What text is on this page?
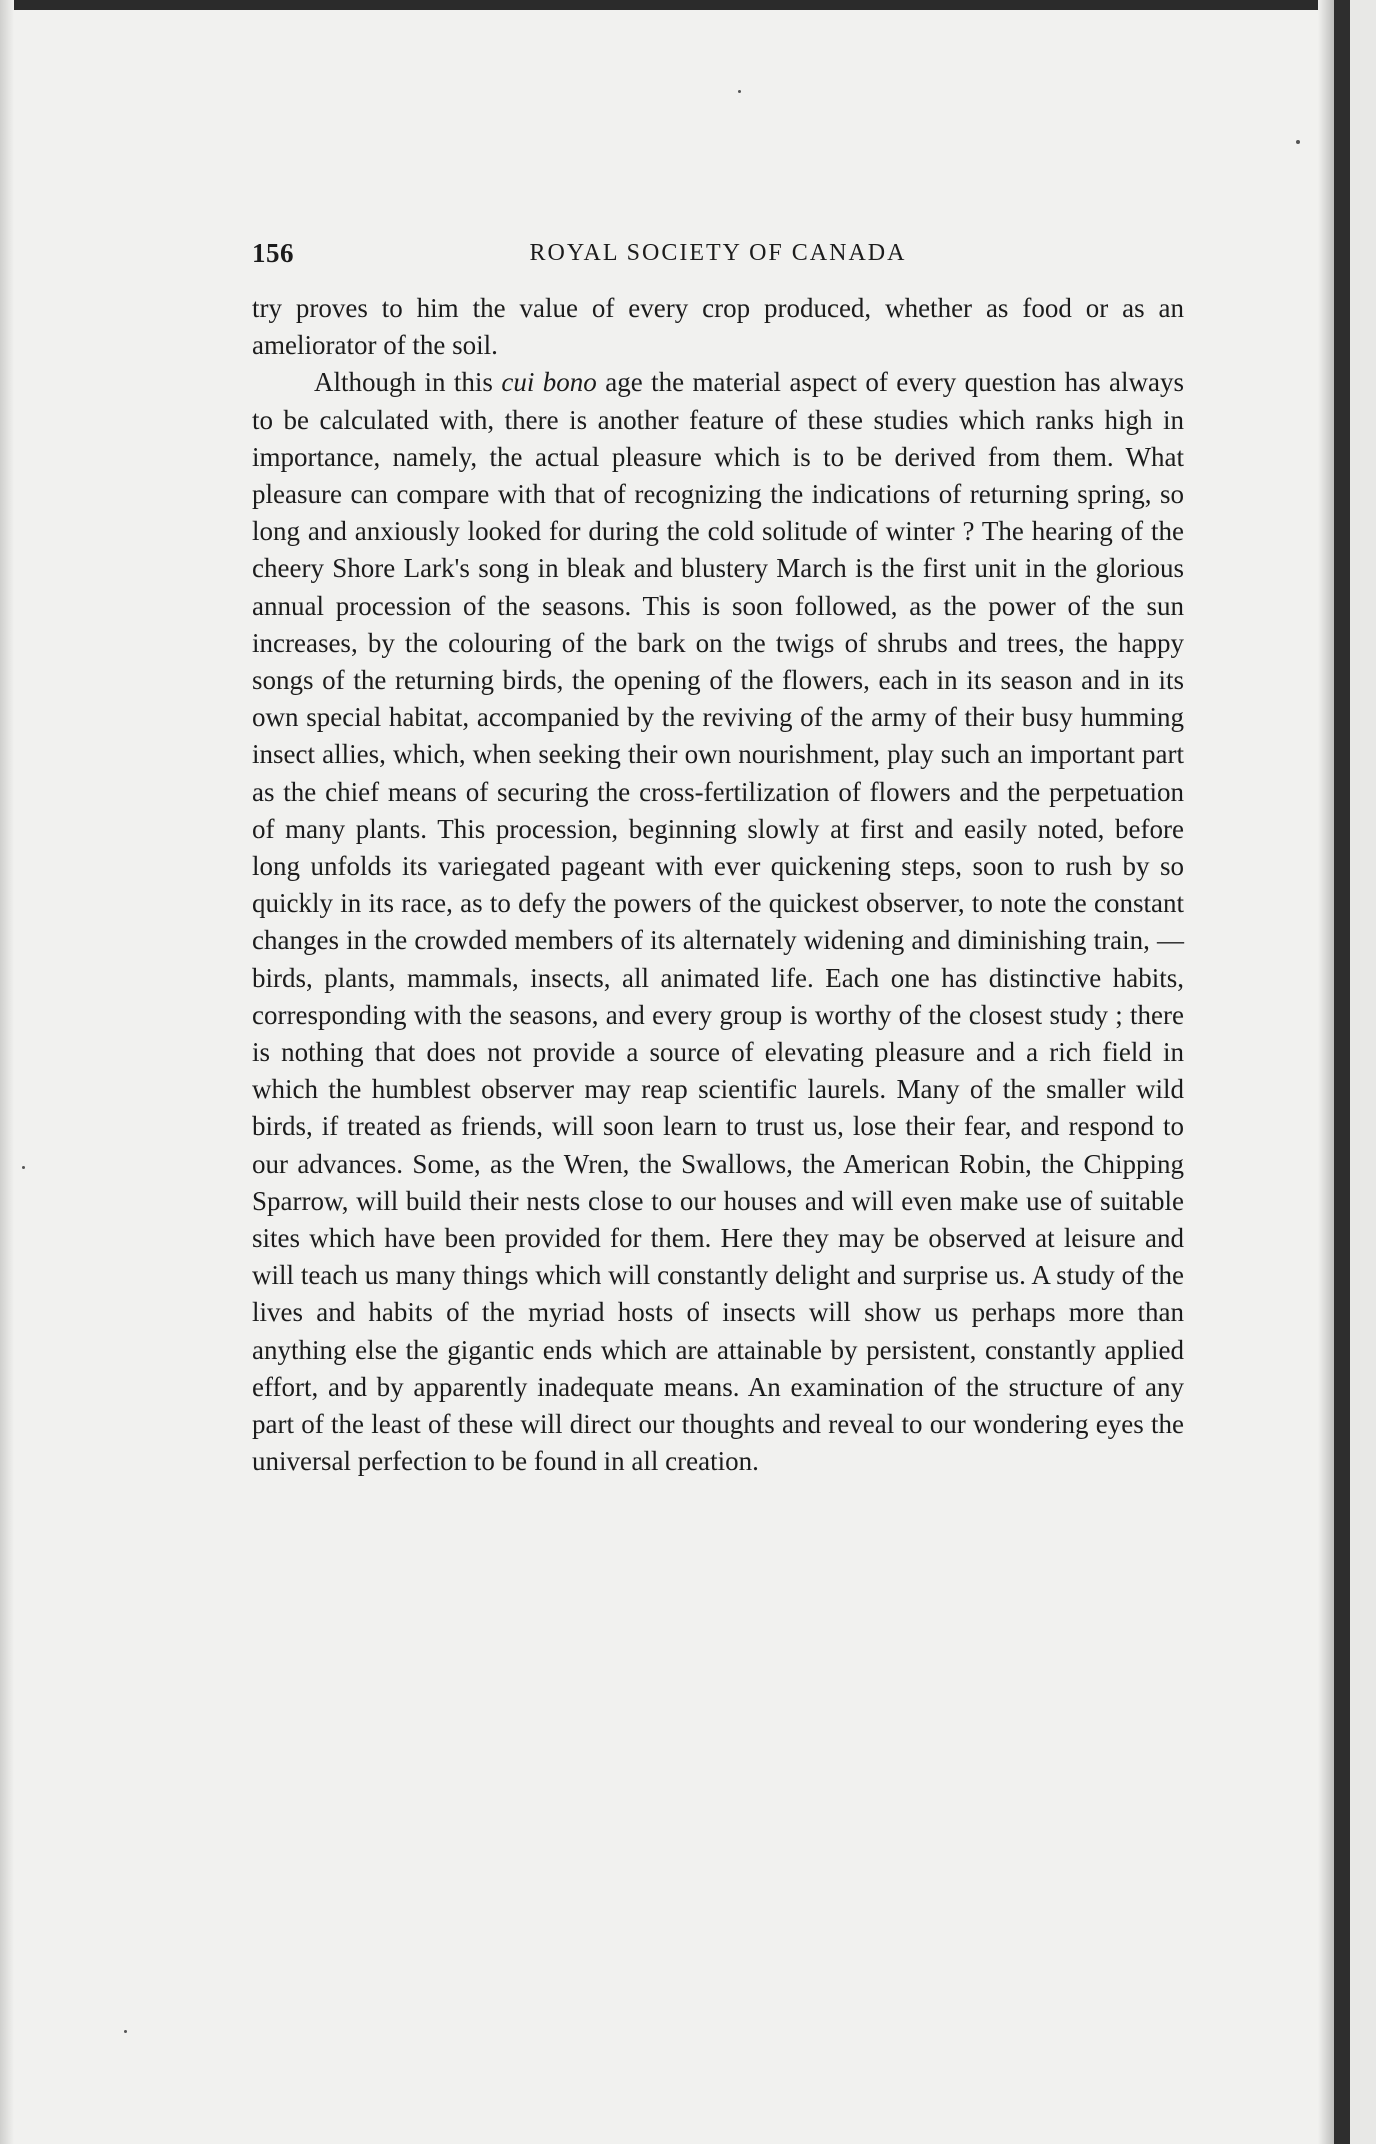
156	ROYAL SOCIETY OF CANADA

try proves to him the value of every crop produced, whether as food or as an ameliorator of the soil.

Although in this cui bono age the material aspect of every question has always to be calculated with, there is another feature of these studies which ranks high in importance, namely, the actual pleasure which is to be derived from them. What pleasure can compare with that of recognizing the indications of returning spring, so long and anxiously looked for during the cold solitude of winter ? The hearing of the cheery Shore Lark's song in bleak and blustery March is the first unit in the glorious annual procession of the seasons. This is soon followed, as the power of the sun increases, by the colouring of the bark on the twigs of shrubs and trees, the happy songs of the returning birds, the opening of the flowers, each in its season and in its own special habitat, accompanied by the reviving of the army of their busy humming insect allies, which, when seeking their own nourishment, play such an important part as the chief means of securing the cross-fertilization of flowers and the perpetuation of many plants. This procession, beginning slowly at first and easily noted, before long unfolds its variegated pageant with ever quickening steps, soon to rush by so quickly in its race, as to defy the powers of the quickest observer, to note the constant changes in the crowded members of its alternately widening and diminishing train, — birds, plants, mammals, insects, all animated life. Each one has distinctive habits, corresponding with the seasons, and every group is worthy of the closest study ; there is nothing that does not provide a source of elevating pleasure and a rich field in which the humblest observer may reap scientific laurels. Many of the smaller wild birds, if treated as friends, will soon learn to trust us, lose their fear, and respond to our advances. Some, as the Wren, the Swallows, the American Robin, the Chipping Sparrow, will build their nests close to our houses and will even make use of suitable sites which have been provided for them. Here they may be observed at leisure and will teach us many things which will constantly delight and surprise us. A study of the lives and habits of the myriad hosts of insects will show us perhaps more than anything else the gigantic ends which are attainable by persistent, constantly applied effort, and by apparently inadequate means. An examination of the structure of any part of the least of these will direct our thoughts and reveal to our wondering eyes the universal perfection to be found in all creation.
